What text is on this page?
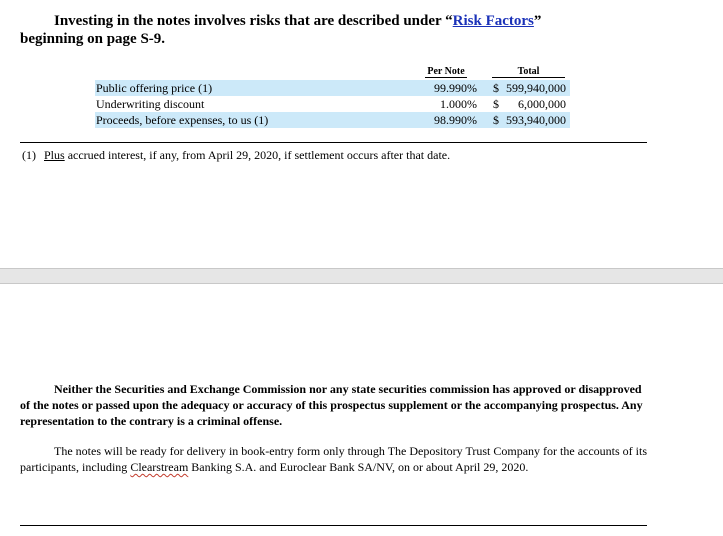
Investing in the notes involves risks that are described under “Risk Factors”
beginning on page S-9.
Per Note	Total
Public offering price (1)	99.990% $ 599,940,000
Underwriting discount	1.000% $ 6,000,000
Proceeds, before expenses, to us (1)	98.990% $ 593,940,000
(1) Plus accrued interest, if any, from April 29, 2020, if settlement occurs after that date.
Neither the Securities and Exchange Commission nor any state securities commission has approved or disapproved of the notes or passed upon the adequacy or accuracy of this prospectus supplement or the accompanying prospectus. Any representation to the contrary is a criminal offense.
The notes will be ready for delivery in book-entry form only through The Depository Trust Company for the accounts of its participants, including Clearstream Banking S.A. and Euroclear Bank SA/NV, on or about April 29, 2020.
